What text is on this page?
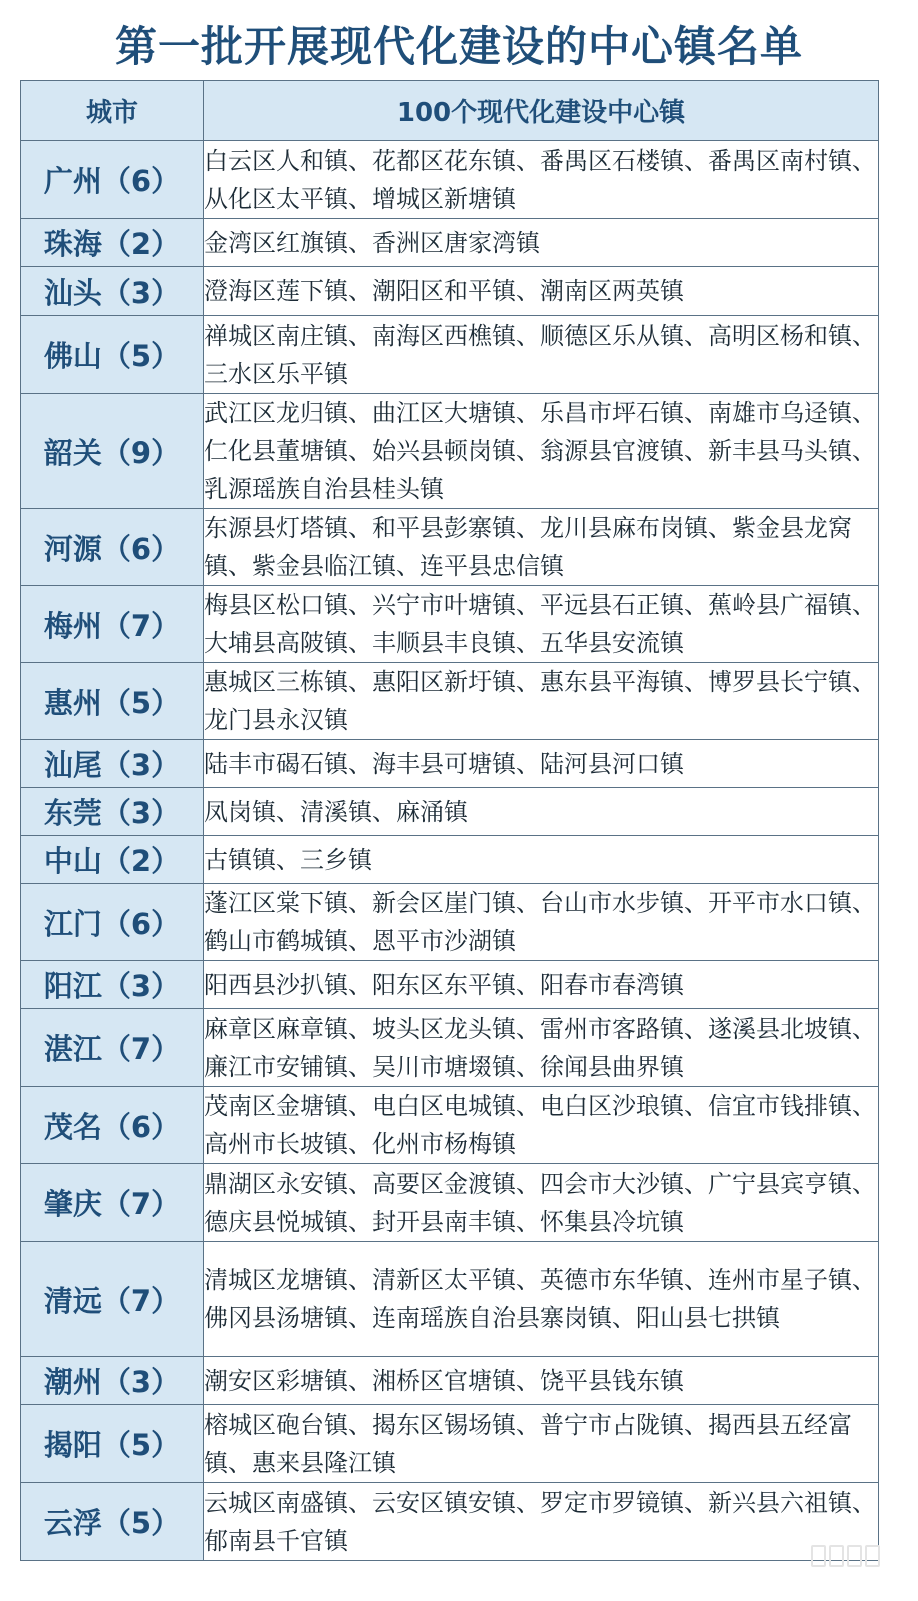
第一批开展现代化建设的中心镇名单
城市	100个现代化建设中心镇
广州（6）	白云区人和镇、花都区花东镇、番禺区石楼镇、番禺区南村镇、从化区太平镇、增城区新塘镇
珠海（2）	金湾区红旗镇、香洲区唐家湾镇
汕头（3）	澄海区莲下镇、潮阳区和平镇、潮南区两英镇
佛山（5）	禅城区南庄镇、南海区西樵镇、顺德区乐从镇、高明区杨和镇、三水区乐平镇
韶关（9）	武江区龙归镇、曲江区大塘镇、乐昌市坪石镇、南雄市乌迳镇、仁化县董塘镇、始兴县顿岗镇、翁源县官渡镇、新丰县马头镇、乳源瑶族自治县桂头镇
河源（6）	东源县灯塔镇、和平县彭寨镇、龙川县麻布岗镇、紫金县龙窝镇、紫金县临江镇、连平县忠信镇
梅州（7）	梅县区松口镇、兴宁市叶塘镇、平远县石正镇、蕉岭县广福镇、大埔县高陂镇、丰顺县丰良镇、五华县安流镇
惠州（5）	惠城区三栋镇、惠阳区新圩镇、惠东县平海镇、博罗县长宁镇、龙门县永汉镇
汕尾（3）	陆丰市碣石镇、海丰县可塘镇、陆河县河口镇
东莞（3）	凤岗镇、清溪镇、麻涌镇
中山（2）	古镇镇、三乡镇
江门（6）	蓬江区棠下镇、新会区崖门镇、台山市水步镇、开平市水口镇、鹤山市鹤城镇、恩平市沙湖镇
阳江（3）	阳西县沙扒镇、阳东区东平镇、阳春市春湾镇
湛江（7）	麻章区麻章镇、坡头区龙头镇、雷州市客路镇、遂溪县北坡镇、廉江市安铺镇、吴川市塘㙍镇、徐闻县曲界镇
茂名（6）	茂南区金塘镇、电白区电城镇、电白区沙琅镇、信宜市钱排镇、高州市长坡镇、化州市杨梅镇
肇庆（7）	鼎湖区永安镇、高要区金渡镇、四会市大沙镇、广宁县宾亨镇、德庆县悦城镇、封开县南丰镇、怀集县冷坑镇
清远（7）	清城区龙塘镇、清新区太平镇、英德市东华镇、连州市星子镇、佛冈县汤塘镇、连南瑶族自治县寨岗镇、阳山县七拱镇
潮州（3）	潮安区彩塘镇、湘桥区官塘镇、饶平县钱东镇
揭阳（5）	榕城区砲台镇、揭东区锡场镇、普宁市占陇镇、揭西县五经富镇、惠来县隆江镇
云浮（5）	云城区南盛镇、云安区镇安镇、罗定市罗镜镇、新兴县六祖镇、郁南县千官镇
